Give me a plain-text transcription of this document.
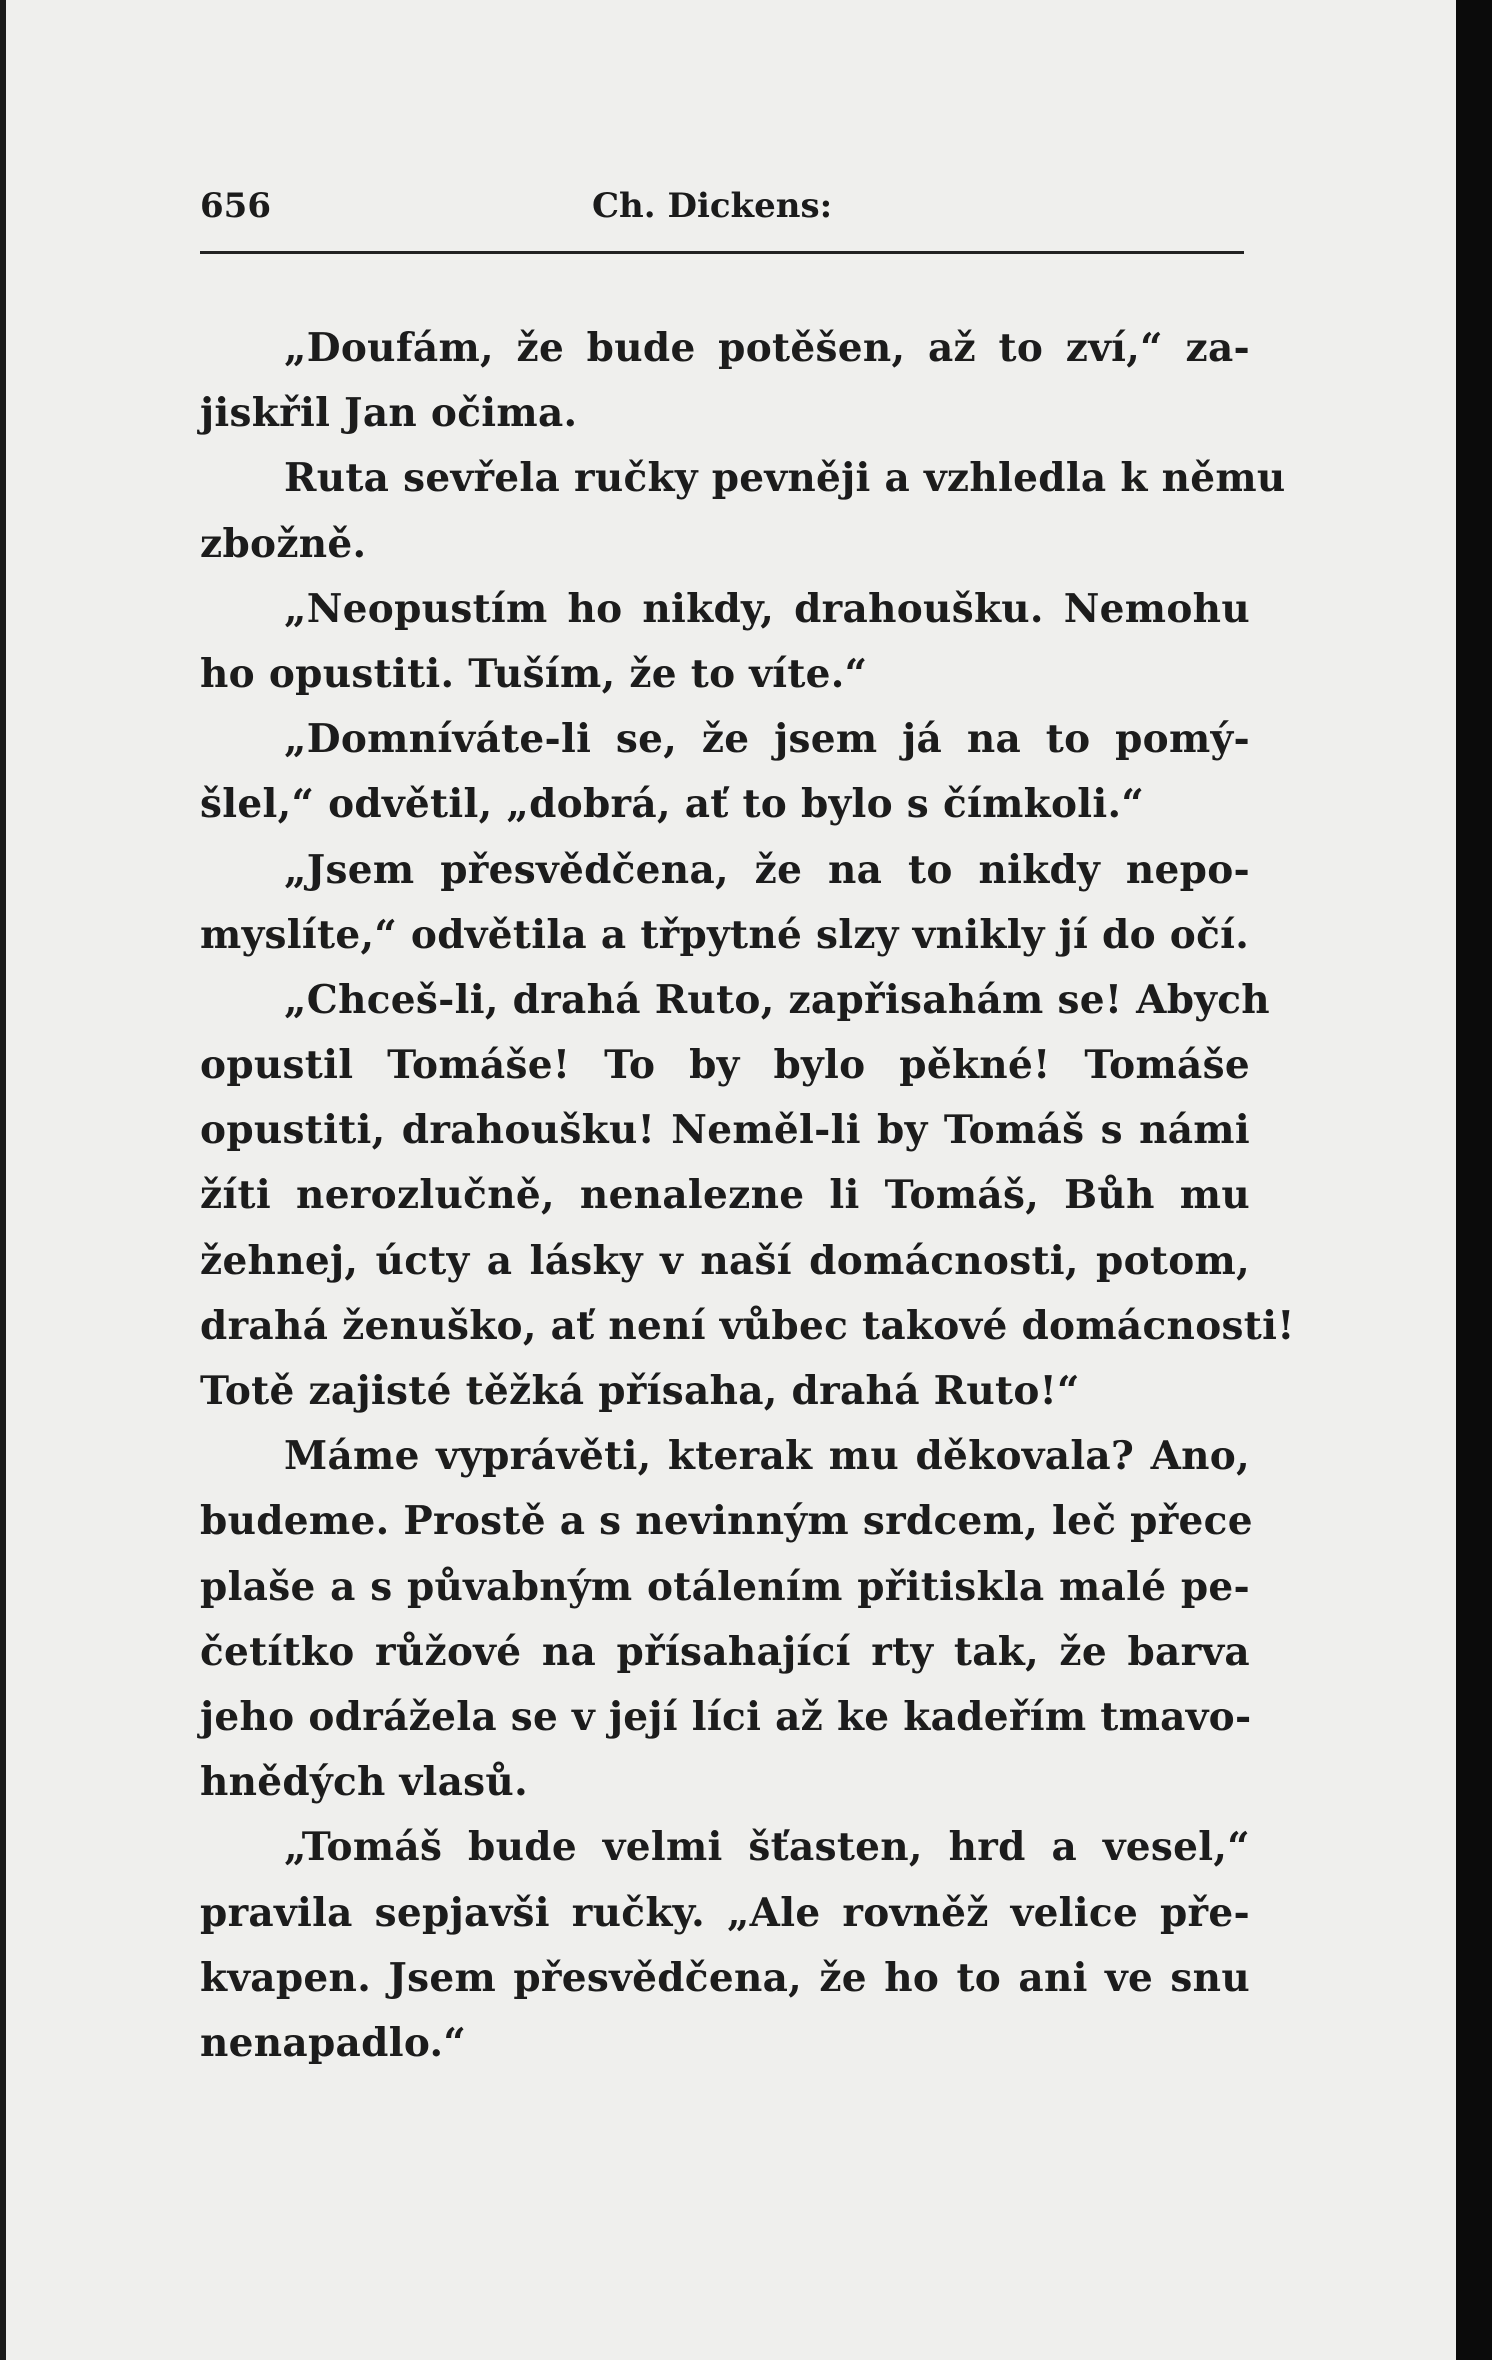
656	Ch. Dickens:
„Doufám, že bude potěšen, až to zví,“ za-
jiskřil Jan očima.
Ruta sevřela ručky pevněji a vzhledla k němu
zbožně.
„Neopustím ho nikdy, drahoušku. Nemohu
ho opustiti. Tuším, že to víte.“
„Domníváte-li se, že jsem já na to pomý-
šlel,“ odvětil, „dobrá, ať to bylo s čímkoli.“
„Jsem přesvědčena, že na to nikdy nepo-
myslíte,“ odvětila a třpytné slzy vnikly jí do očí.
„Chceš-li, drahá Ruto, zapřisahám se! Abych
opustil Tomáše! To by bylo pěkné! Tomáše
opustiti, drahoušku! Neměl-li by Tomáš s námi
žíti nerozlučně, nenalezne li Tomáš, Bůh mu
žehnej, úcty a lásky v naší domácnosti, potom,
drahá ženuško, ať není vůbec takové domácnosti!
Totě zajisté těžká přísaha, drahá Ruto!“
Máme vyprávěti, kterak mu děkovala? Ano,
budeme. Prostě a s nevinným srdcem, leč přece
plaše a s půvabným otálením přitiskla malé pe-
četítko růžové na přísahající rty tak, že barva
jeho odrážela se v její líci až ke kadeřím tmavo-
hnědých vlasů.
„Tomáš bude velmi šťasten, hrd a vesel,“
pravila sepjavši ručky. „Ale rovněž velice pře-
kvapen. Jsem přesvědčena, že ho to ani ve snu
nenapadlo.“
